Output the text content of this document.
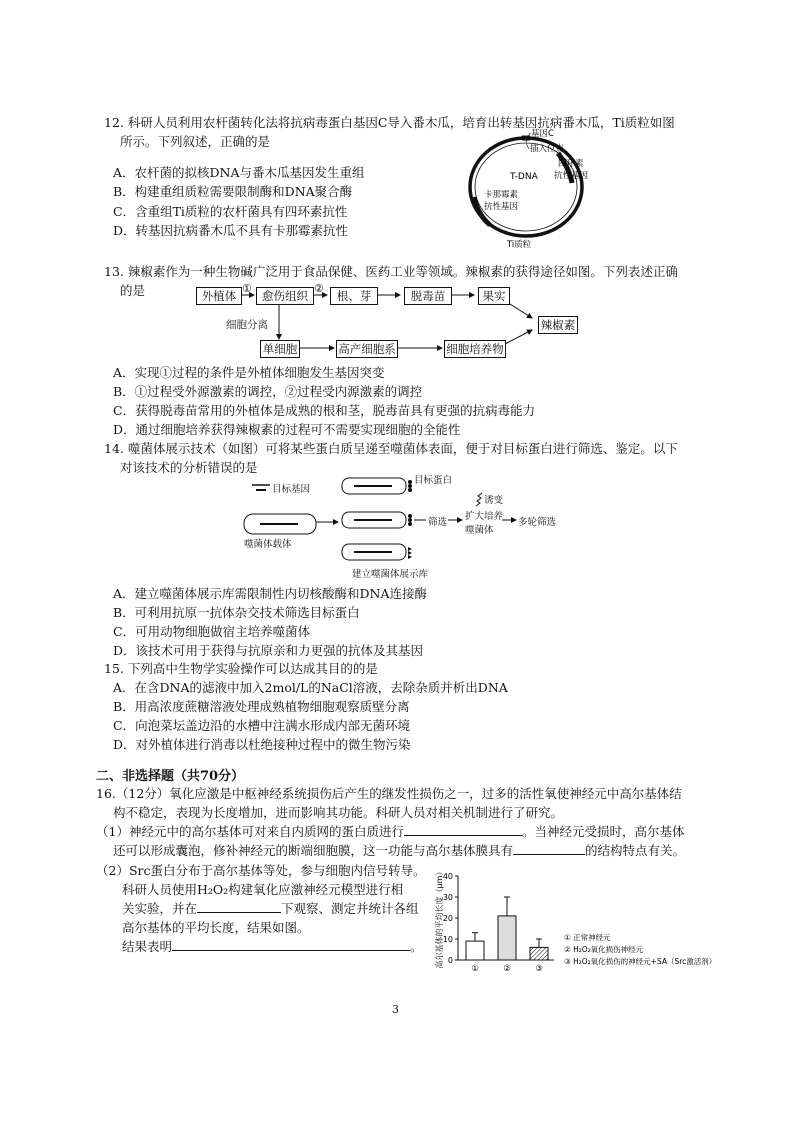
12. 科研人员利用农杆菌转化法将抗病毒蛋白基因C导入番木瓜，培育出转基因抗病番木瓜，Ti质粒如图
所示。下列叙述，正确的是
A．农杆菌的拟核DNA与番木瓜基因发生重组
B．构建重组质粒需要限制酶和DNA聚合酶
C．含重组Ti质粒的农杆菌具有四环素抗性
D．转基因抗病番木瓜不具有卡那霉素抗性
基因C
插入位点
T-DNA
四环素
抗性基因
卡那霉素
抗性基因
Ti质粒
13. 辣椒素作为一种生物碱广泛用于食品保健、医药工业等领域。辣椒素的获得途径如图。下列表述正确
的是	外植体
①
愈伤组织
②
根、芽	脱毒苗	果实
辣椒素
细胞分离
单细胞	高产细胞系	细胞培养物
A．实现①过程的条件是外植体细胞发生基因突变
B．①过程受外源激素的调控，②过程受内源激素的调控
C．获得脱毒苗常用的外植体是成熟的根和茎，脱毒苗具有更强的抗病毒能力
D．通过细胞培养获得辣椒素的过程可不需要实现细胞的全能性
14. 噬菌体展示技术（如图）可将某些蛋白质呈递至噬菌体表面，便于对目标蛋白进行筛选、鉴定。以下
对该技术的分析错误的是
目标基因
噬菌体载体
目标蛋白
建立噬菌体展示库
筛选
扩大培养
噬菌体
诱变
多轮筛选
A．建立噬菌体展示库需限制性内切核酸酶和DNA连接酶
B．可利用抗原一抗体杂交技术筛选目标蛋白
C．可用动物细胞做宿主培养噬菌体
D．该技术可用于获得与抗原亲和力更强的抗体及其基因
15. 下列高中生物学实验操作可以达成其目的的是
A．在含DNA的滤液中加入2mol/L的NaCl溶液，去除杂质并析出DNA
B．用高浓度蔗糖溶液处理成熟植物细胞观察质壁分离
C．向泡菜坛盖边沿的水槽中注满水形成内部无菌环境
D．对外植体进行消毒以杜绝接种过程中的微生物污染
二、非选择题（共70分）
16.（12分）氧化应激是中枢神经系统损伤后产生的继发性损伤之一，过多的活性氧使神经元中高尔基体结
构不稳定，表现为长度增加，进而影响其功能。科研人员对相关机制进行了研究。
（1）神经元中的高尔基体可对来自内质网的蛋白质进行	。当神经元受损时，高尔基体
还可以形成囊泡，修补神经元的断端细胞膜，这一功能与高尔基体膜具有	的结构特点有关。
（2）Src蛋白分布于高尔基体等处，参与细胞内信号转导。
科研人员使用H₂O₂构建氧化应激神经元模型进行相
关实验，并在	下观察、测定并统计各组
高尔基体的平均长度，结果如图。
结果表明	。
0
10
20
30
40
高尔基体的平均长度（μm）
①	②	③
① 正常神经元
② H₂O₂氧化损伤神经元
③ H₂O₂氧化损伤的神经元+SA（Src激活剂）
3
